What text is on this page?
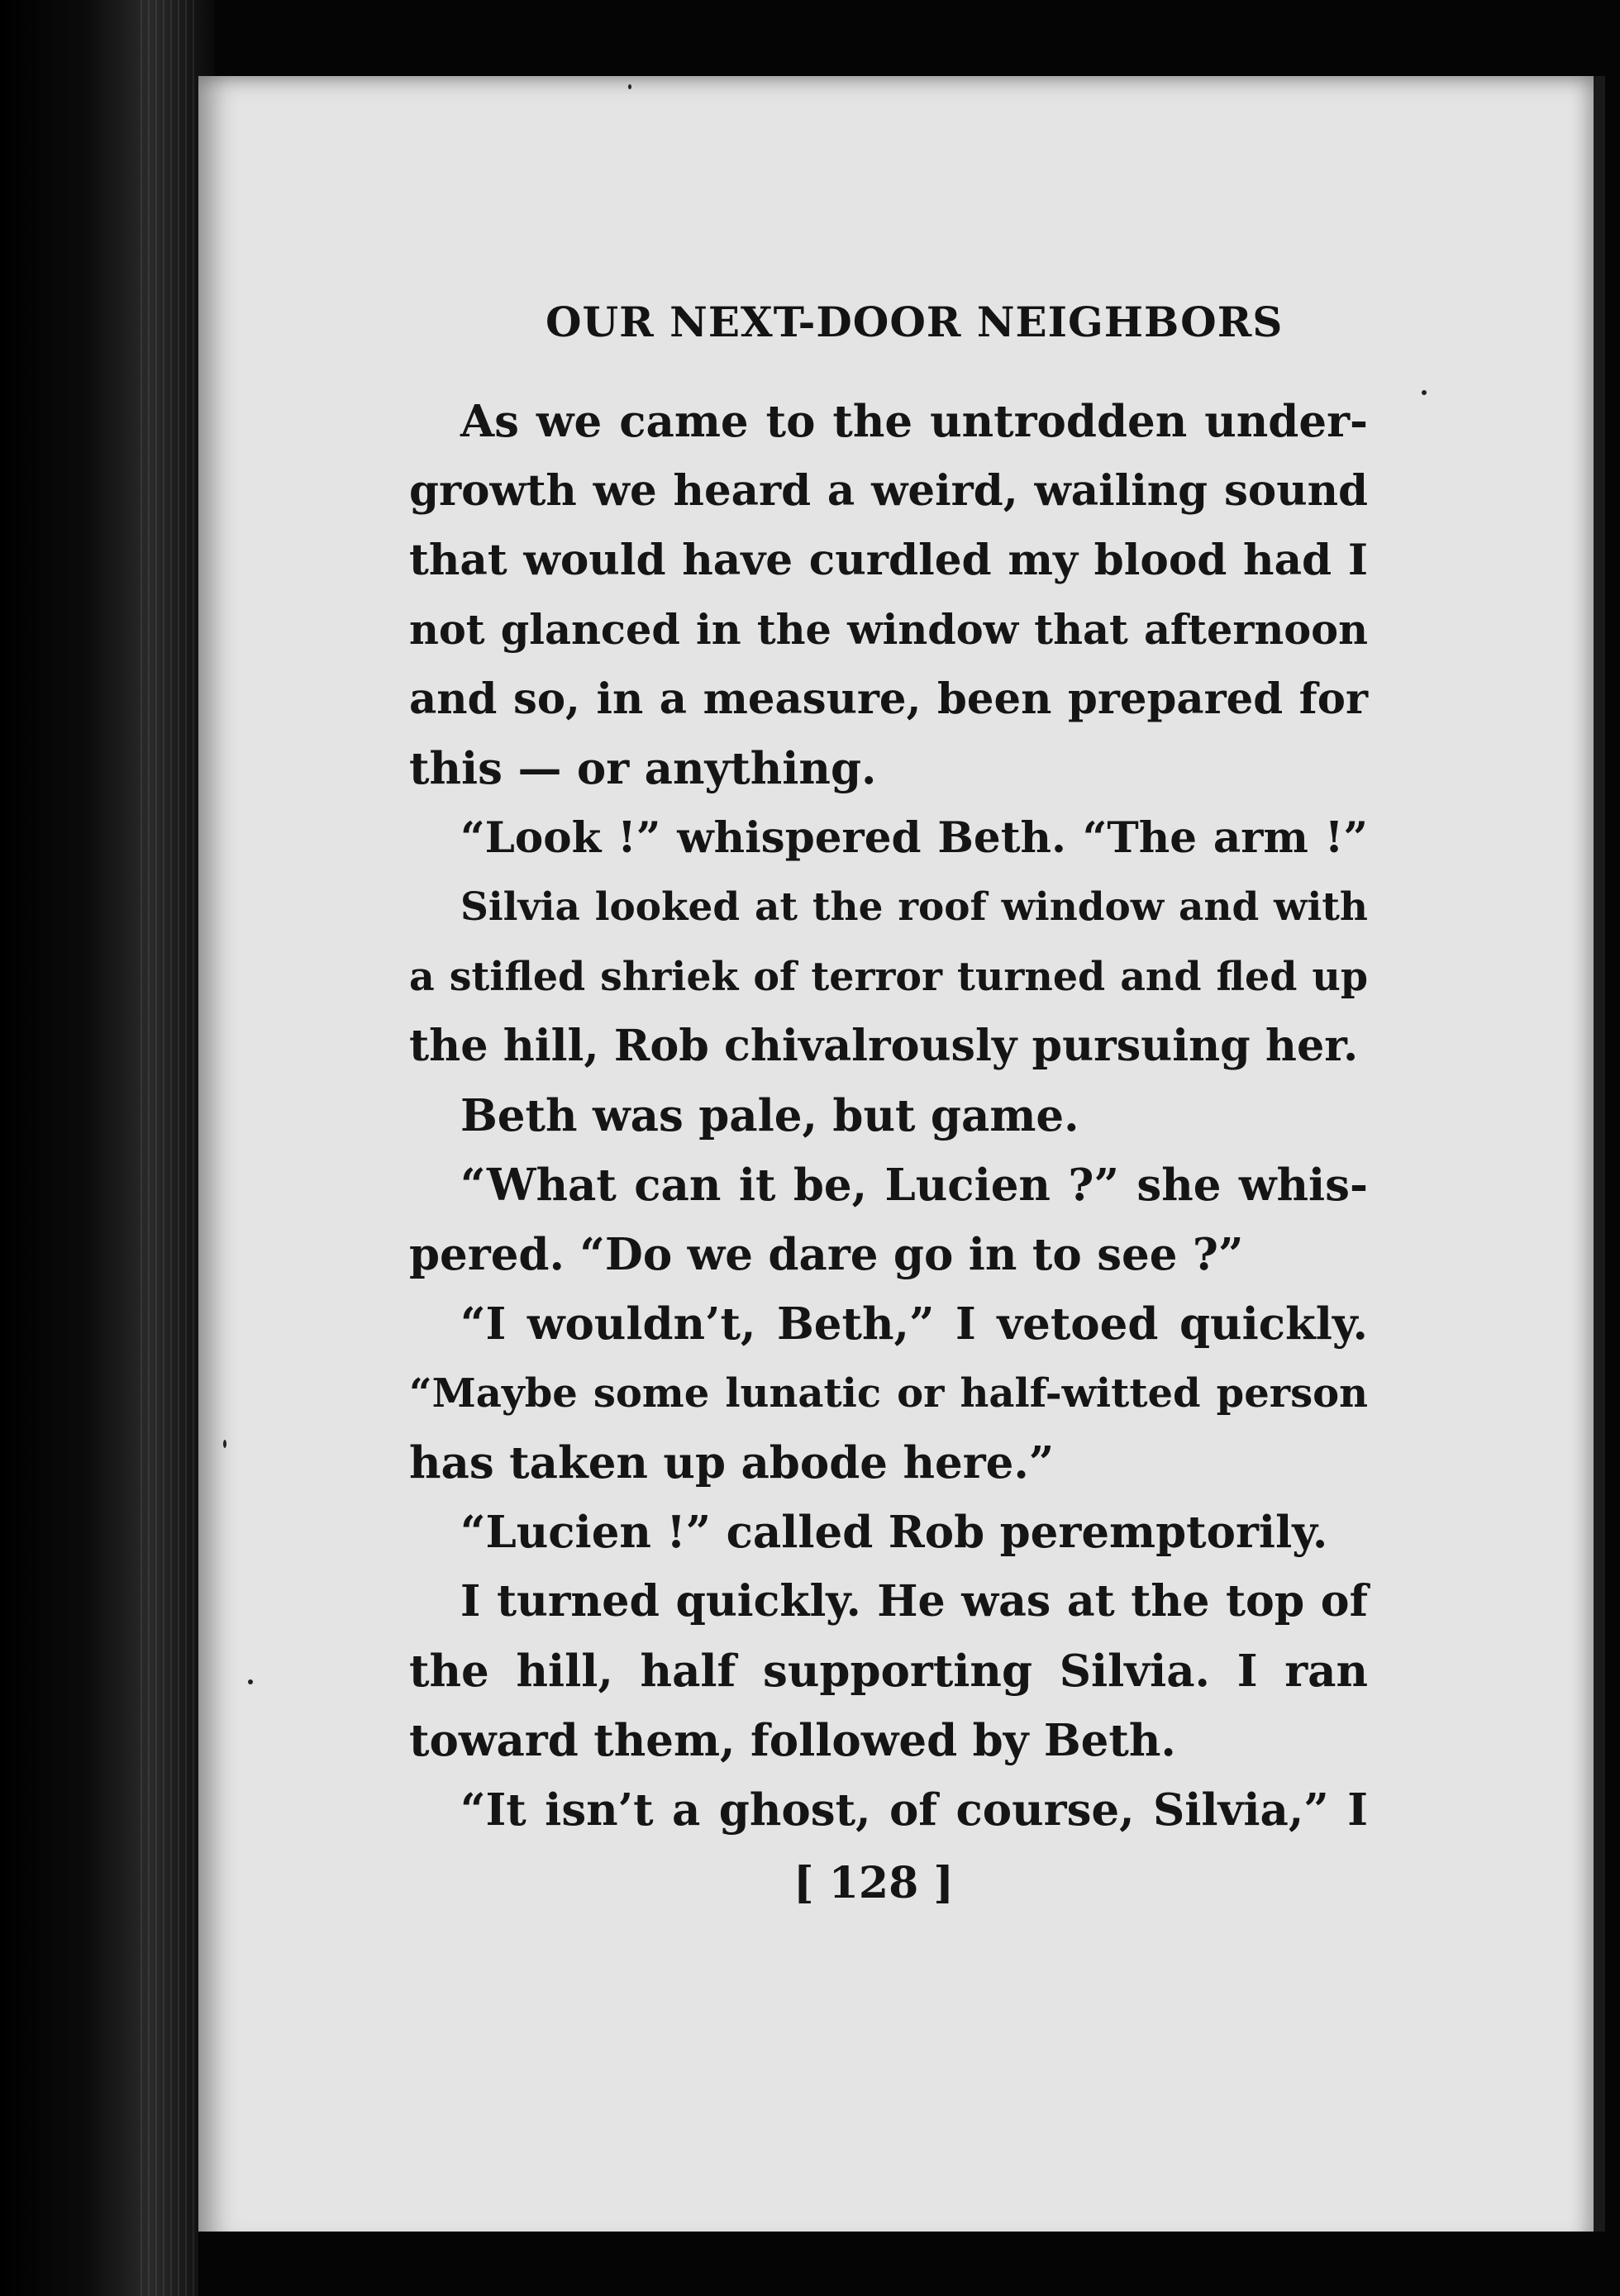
OUR NEXT-DOOR NEIGHBORS
As we came to the untrodden under-
growth we heard a weird, wailing sound
that would have curdled my blood had I
not glanced in the window that afternoon
and so, in a measure, been prepared for
this — or anything.
“Look !” whispered Beth. “The arm !”
Silvia looked at the roof window and with
a stifled shriek of terror turned and fled up
the hill, Rob chivalrously pursuing her.
Beth was pale, but game.
“What can it be, Lucien ?” she whis-
pered. “Do we dare go in to see ?”
“I wouldn’t, Beth,” I vetoed quickly.
“Maybe some lunatic or half-witted person
has taken up abode here.”
“Lucien !” called Rob peremptorily.
I turned quickly. He was at the top of
the hill, half supporting Silvia. I ran
toward them, followed by Beth.
“It isn’t a ghost, of course, Silvia,” I
[ 128 ]
